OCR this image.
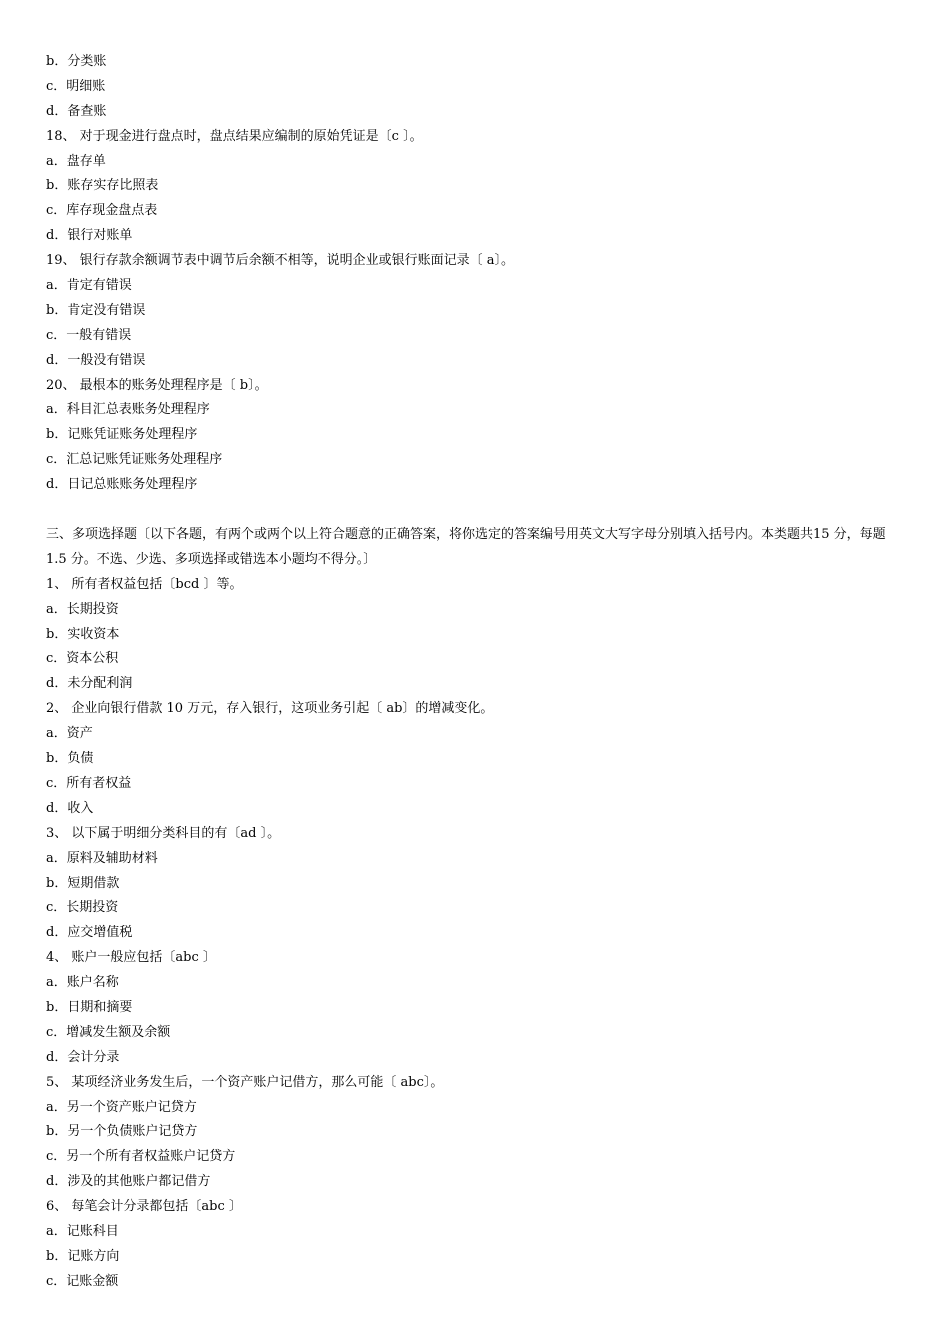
b．分类账
c．明细账
d．备查账
18、 对于现金进行盘点时，盘点结果应编制的原始凭证是〔c 〕。
a．盘存单
b．账存实存比照表
c．库存现金盘点表
d．银行对账单
19、 银行存款余额调节表中调节后余额不相等，说明企业或银行账面记录〔 a〕。
a．肯定有错误
b．肯定没有错误
c．一般有错误
d．一般没有错误
20、 最根本的账务处理程序是〔 b〕。
a．科目汇总表账务处理程序
b．记账凭证账务处理程序
c．汇总记账凭证账务处理程序
d．日记总账账务处理程序
三、多项选择题〔以下各题，有两个或两个以上符合题意的正确答案，将你选定的答案编号用英文大写字母分别填入括号内。本类题共15 分，每题 1.5 分。不选、少选、多项选择或错选本小题均不得分。〕
1、 所有者权益包括〔bcd 〕等。
a．长期投资
b．实收资本
c．资本公积
d．未分配利润
2、 企业向银行借款 10 万元，存入银行，这项业务引起〔 ab〕的增减变化。
a．资产
b．负债
c．所有者权益
d．收入
3、 以下属于明细分类科目的有〔ad 〕。
a．原料及辅助材料
b．短期借款
c．长期投资
d．应交增值税
4、 账户一般应包括〔abc 〕
a．账户名称
b．日期和摘要
c．增减发生额及余额
d．会计分录
5、 某项经济业务发生后，一个资产账户记借方，那么可能〔 abc〕。
a．另一个资产账户记贷方
b．另一个负债账户记贷方
c．另一个所有者权益账户记贷方
d．涉及的其他账户都记借方
6、 每笔会计分录都包括〔abc 〕
a．记账科目
b．记账方向
c．记账金额
